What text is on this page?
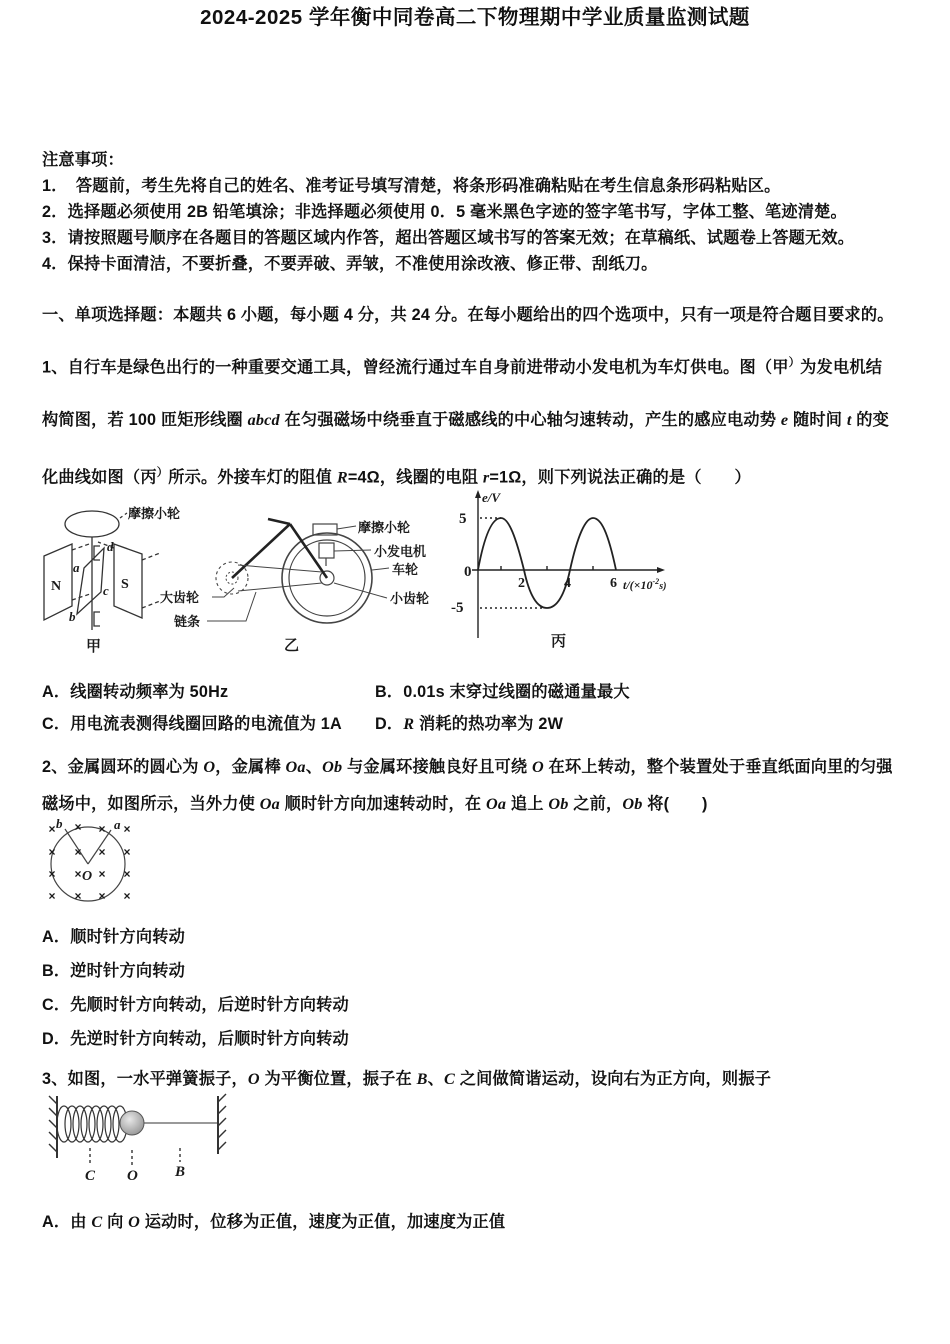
2024-2025 学年衡中同卷高二下物理期中学业质量监测试题
注意事项：
1．　答题前，考生先将自己的姓名、准考证号填写清楚，将条形码准确粘贴在考生信息条形码粘贴区。
2．选择题必须使用 2B 铅笔填涂；非选择题必须使用 0．5 毫米黑色字迹的签字笔书写，字体工整、笔迹清楚。
3．请按照题号顺序在各题目的答题区域内作答，超出答题区域书写的答案无效；在草稿纸、试题卷上答题无效。
4．保持卡面清洁，不要折叠，不要弄破、弄皱，不准使用涂改液、修正带、刮纸刀。
一、单项选择题：本题共 6 小题，每小题 4 分，共 24 分。在每小题给出的四个选项中，只有一项是符合题目要求的。
1、自行车是绿色出行的一种重要交通工具，曾经流行通过车自身前进带动小发电机为车灯供电。图（甲）为发电机结
构简图，若 100 匝矩形线圈 abcd 在匀强磁场中绕垂直于磁感线的中心轴匀速转动，产生的感应电动势 e 随时间 t 的变
化曲线如图（丙）所示。外接车灯的阻值 R=4Ω，线圈的电阻 r=1Ω，则下列说法正确的是（　　）
摩擦小轮
N	S
a
b
c
d
甲
摩擦小轮
小发电机
车轮
小齿轮
大齿轮
链条
乙
e/V
5
0
-5
2	4	6 $t/(\times 10^{-2}_{s)}$
丙
A．线圈转动频率为 50Hz	B．0.01s 末穿过线圈的磁通量最大
C．用电流表测得线圈回路的电流值为 1A	D．R 消耗的热功率为 2W
2、金属圆环的圆心为 O，金属棒 Oa、Ob 与金属环接触良好且可绕 O 在环上转动，整个装置处于垂直纸面向里的匀强
磁场中，如图所示，当外力使 Oa 顺时针方向加速转动时，在 Oa 追上 Ob 之前，Ob 将(　　)
× × × ×
× × × ×
× × × ×
× × × ×
b	a
O
A．顺时针方向转动
B．逆时针方向转动
C．先顺时针方向转动，后逆时针方向转动
D．先逆时针方向转动，后顺时针方向转动
3、如图，一水平弹簧振子，O 为平衡位置，振子在 B、C 之间做简谐运动，设向右为正方向，则振子
C O B
A．由 C 向 O 运动时，位移为正值，速度为正值，加速度为正值
